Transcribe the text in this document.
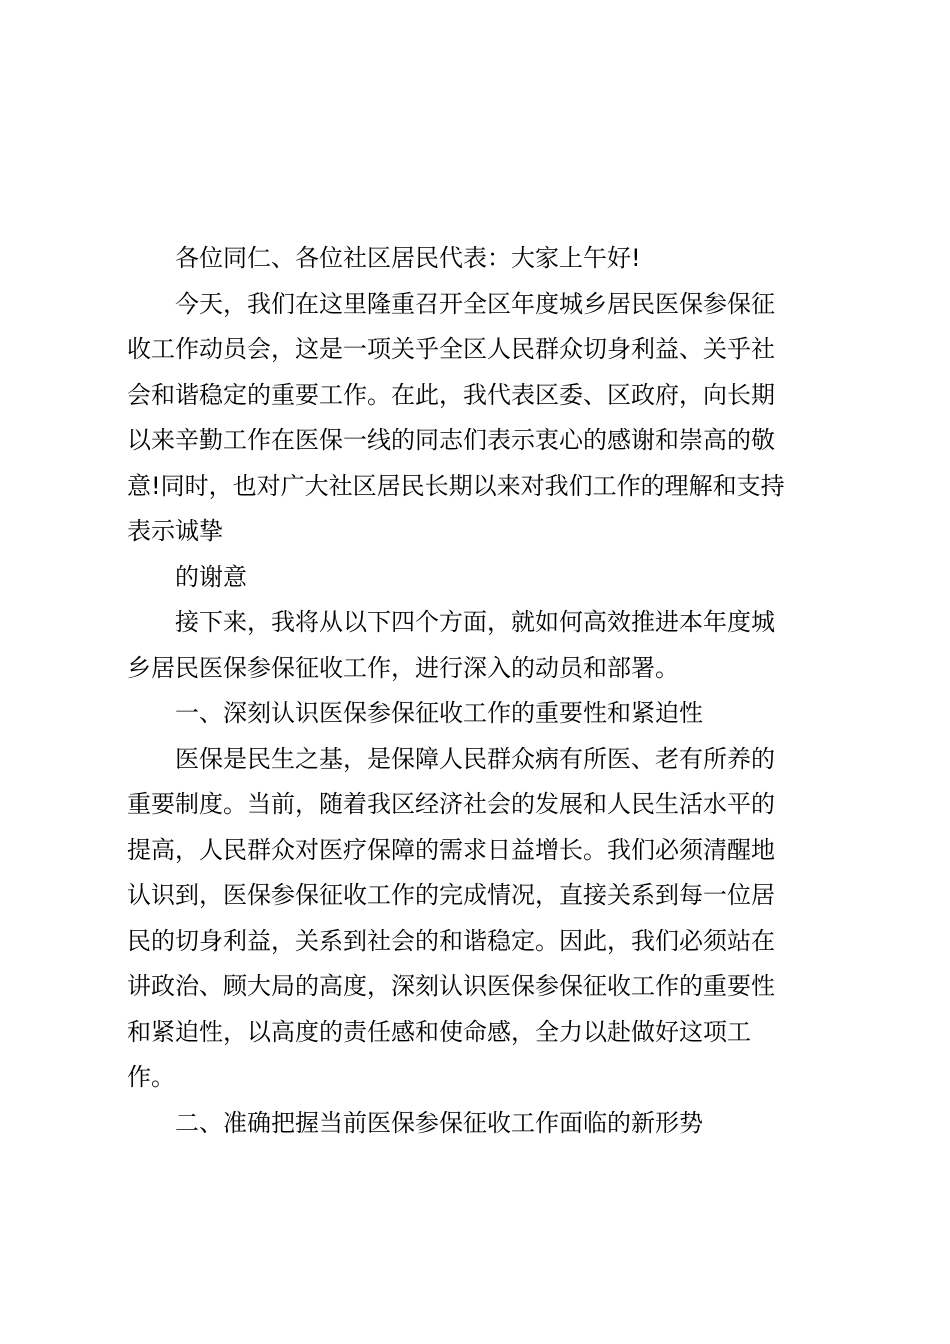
各位同仁、各位社区居民代表：大家上午好!
今天，我们在这里隆重召开全区年度城乡居民医保参保征
收工作动员会，这是一项关乎全区人民群众切身利益、关乎社
会和谐稳定的重要工作。在此，我代表区委、区政府，向长期
以来辛勤工作在医保一线的同志们表示衷心的感谢和崇高的敬
意!同时，也对广大社区居民长期以来对我们工作的理解和支持
表示诚挚
的谢意
接下来，我将从以下四个方面，就如何高效推进本年度城
乡居民医保参保征收工作，进行深入的动员和部署。
一、深刻认识医保参保征收工作的重要性和紧迫性
医保是民生之基，是保障人民群众病有所医、老有所养的
重要制度。当前，随着我区经济社会的发展和人民生活水平的
提高，人民群众对医疗保障的需求日益增长。我们必须清醒地
认识到，医保参保征收工作的完成情况，直接关系到每一位居
民的切身利益，关系到社会的和谐稳定。因此，我们必须站在
讲政治、顾大局的高度，深刻认识医保参保征收工作的重要性
和紧迫性，以高度的责任感和使命感，全力以赴做好这项工
作。
二、准确把握当前医保参保征收工作面临的新形势
